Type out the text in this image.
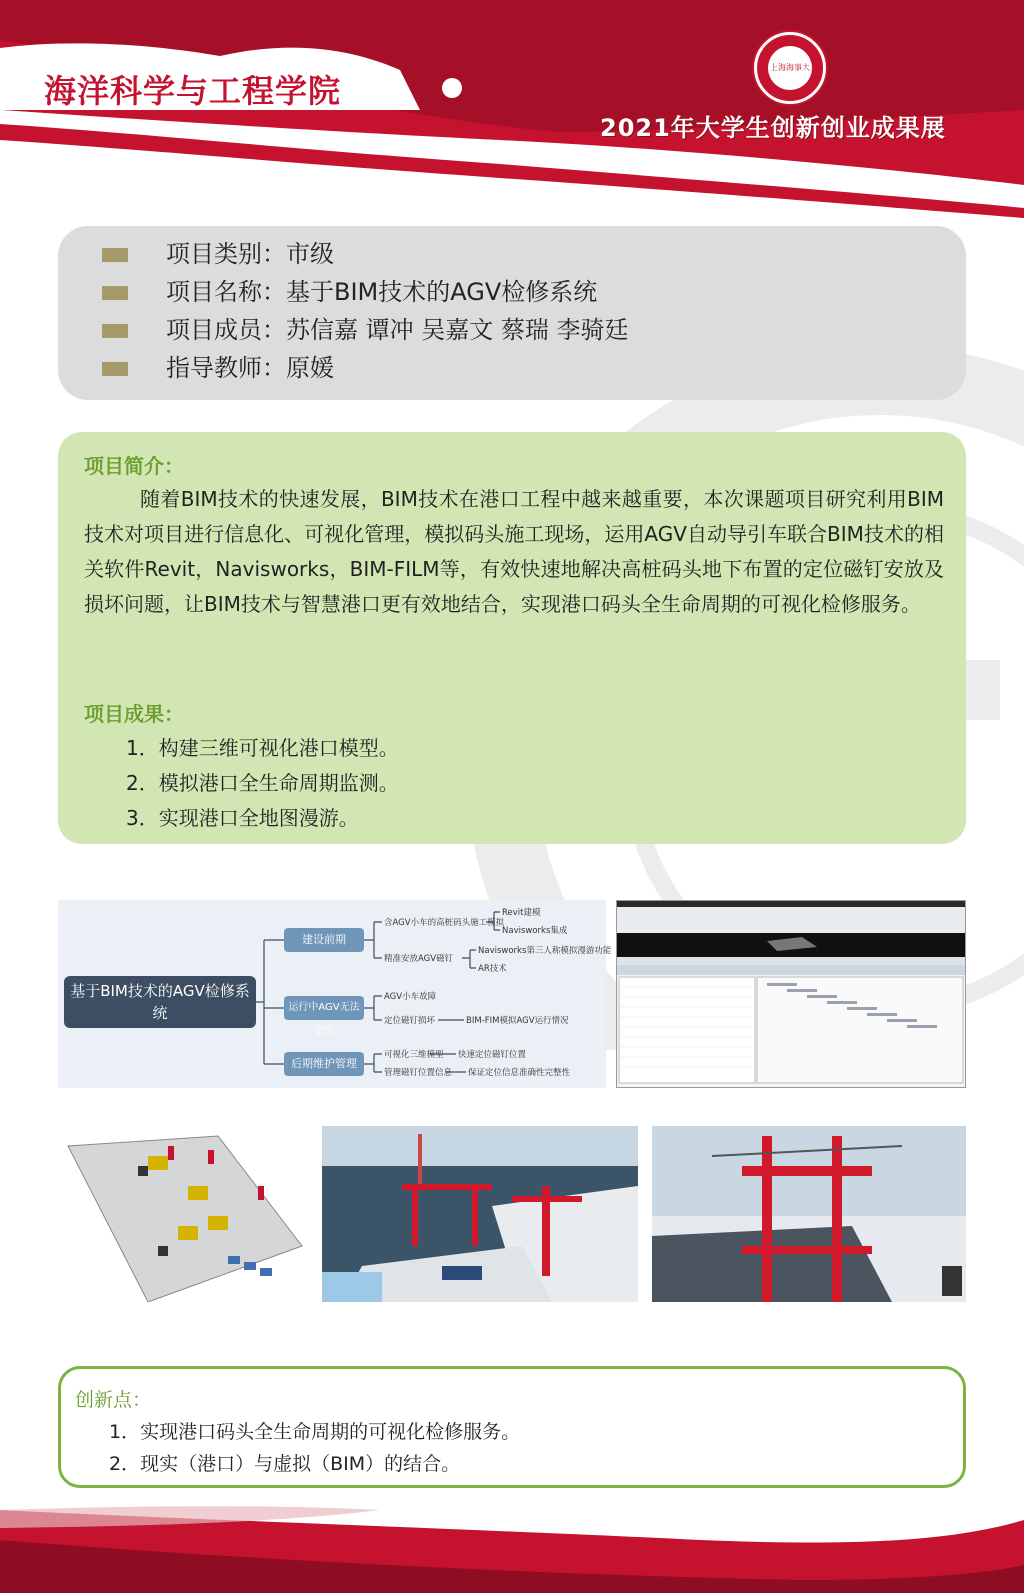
海洋科学与工程学院
2021年大学生创新创业成果展
上海海事大学
项目类别：市级
项目名称：基于BIM技术的AGV检修系统
项目成员：苏信嘉 谭冲 吴嘉文 蔡瑞 李骑廷
指导教师：原媛
项目简介：
随着BIM技术的快速发展，BIM技术在港口工程中越来越重要，本次课题项目研究利用BIM 技术对项目进行信息化、可视化管理，模拟码头施工现场，运用AGV自动导引车联合BIM技术的相关软件Revit，Navisworks，BIM-FILM等，有效快速地解决高桩码头地下布置的定位磁钉安放及损坏问题，让BIM技术与智慧港口更有效地结合，实现港口码头全生命周期的可视化检修服务。
项目成果：
1．构建三维可视化港口模型。
2．模拟港口全生命周期监测。
3．实现港口全地图漫游。
基于BIM技术的AGV检修系统
建设前期
运行中AGV无法定位
后期维护管理
含AGV小车的高桩码头施工模拟
精准安放AGV磁钉
Revit建模
Navisworks集成
Navisworks第三人称模拟漫游功能
AR技术
AGV小车故障
定位磁钉损坏	BIM-FIM模拟AGV运行情况
可视化三维模型
管理磁钉位置信息
快速定位磁钉位置
保证定位信息准确性完整性
创新点：
1．实现港口码头全生命周期的可视化检修服务。
2．现实（港口）与虚拟（BIM）的结合。
